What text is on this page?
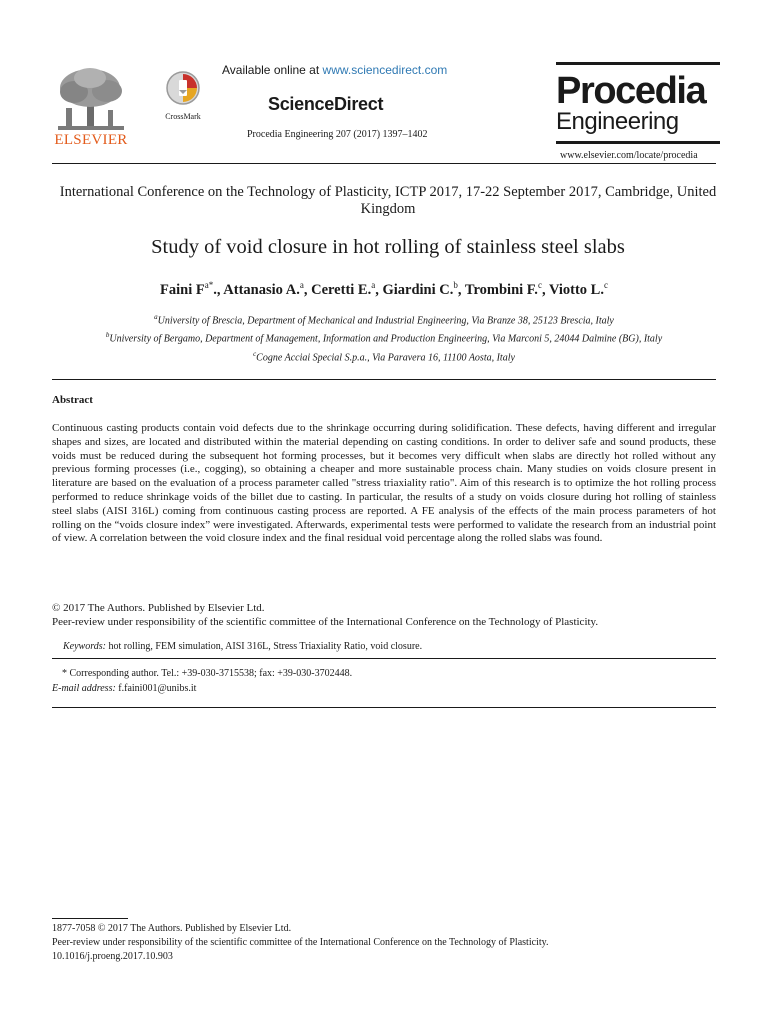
ELSEVIER
CrossMark
Available online at www.sciencedirect.com
ScienceDirect
Procedia Engineering 207 (2017) 1397–1402
Procedia
Engineering
www.elsevier.com/locate/procedia
International Conference on the Technology of Plasticity, ICTP 2017, 17-22 September 2017, Cambridge, United Kingdom
Study of void closure in hot rolling of stainless steel slabs
Faini $F^{a*}$., Attanasio A.$^a$, Ceretti E.$^a$, Giardini C.$^b$, Trombini F.$^c$, Viotto L.$^c$
$^a$University of Brescia, Department of Mechanical and Industrial Engineering, Via Branze 38, 25123 Brescia, Italy
$^b$University of Bergamo, Department of Management, Information and Production Engineering, Via Marconi 5, 24044 Dalmine (BG), Italy
$^c$Cogne Acciai Special S.p.a., Via Paravera 16, 11100 Aosta, Italy
Abstract
Continuous casting products contain void defects due to the shrinkage occurring during solidification. These defects, having different and irregular shapes and sizes, are located and distributed within the material depending on casting conditions. In order to deliver safe and sound products, these voids must be reduced during the subsequent hot forming processes, but it becomes very difficult when slabs are directly hot rolled without any previous forming processes (i.e., cogging), so obtaining a cheaper and more sustainable process chain. Many studies on voids closure present in literature are based on the evaluation of a process parameter called "stress triaxiality ratio". Aim of this research is to optimize the hot rolling process performed to reduce shrinkage voids of the billet due to casting. In particular, the results of a study on voids closure during hot rolling of stainless steel slabs (AISI 316L) coming from continuous casting process are reported. A FE analysis of the effects of the main process parameters of hot rolling on the “voids closure index” were investigated. Afterwards, experimental tests were performed to validate the research from an industrial point of view. A correlation between the void closure index and the final residual void percentage along the rolled slabs was found.
© 2017 The Authors. Published by Elsevier Ltd.
Peer-review under responsibility of the scientific committee of the International Conference on the Technology of Plasticity.
Keywords: hot rolling, FEM simulation, AISI 316L, Stress Triaxiality Ratio, void closure.
* Corresponding author. Tel.: +39-030-3715538; fax: +39-030-3702448.
E-mail address: f.faini001@unibs.it
1877-7058 © 2017 The Authors. Published by Elsevier Ltd.
Peer-review under responsibility of the scientific committee of the International Conference on the Technology of Plasticity.
10.1016/j.proeng.2017.10.903
